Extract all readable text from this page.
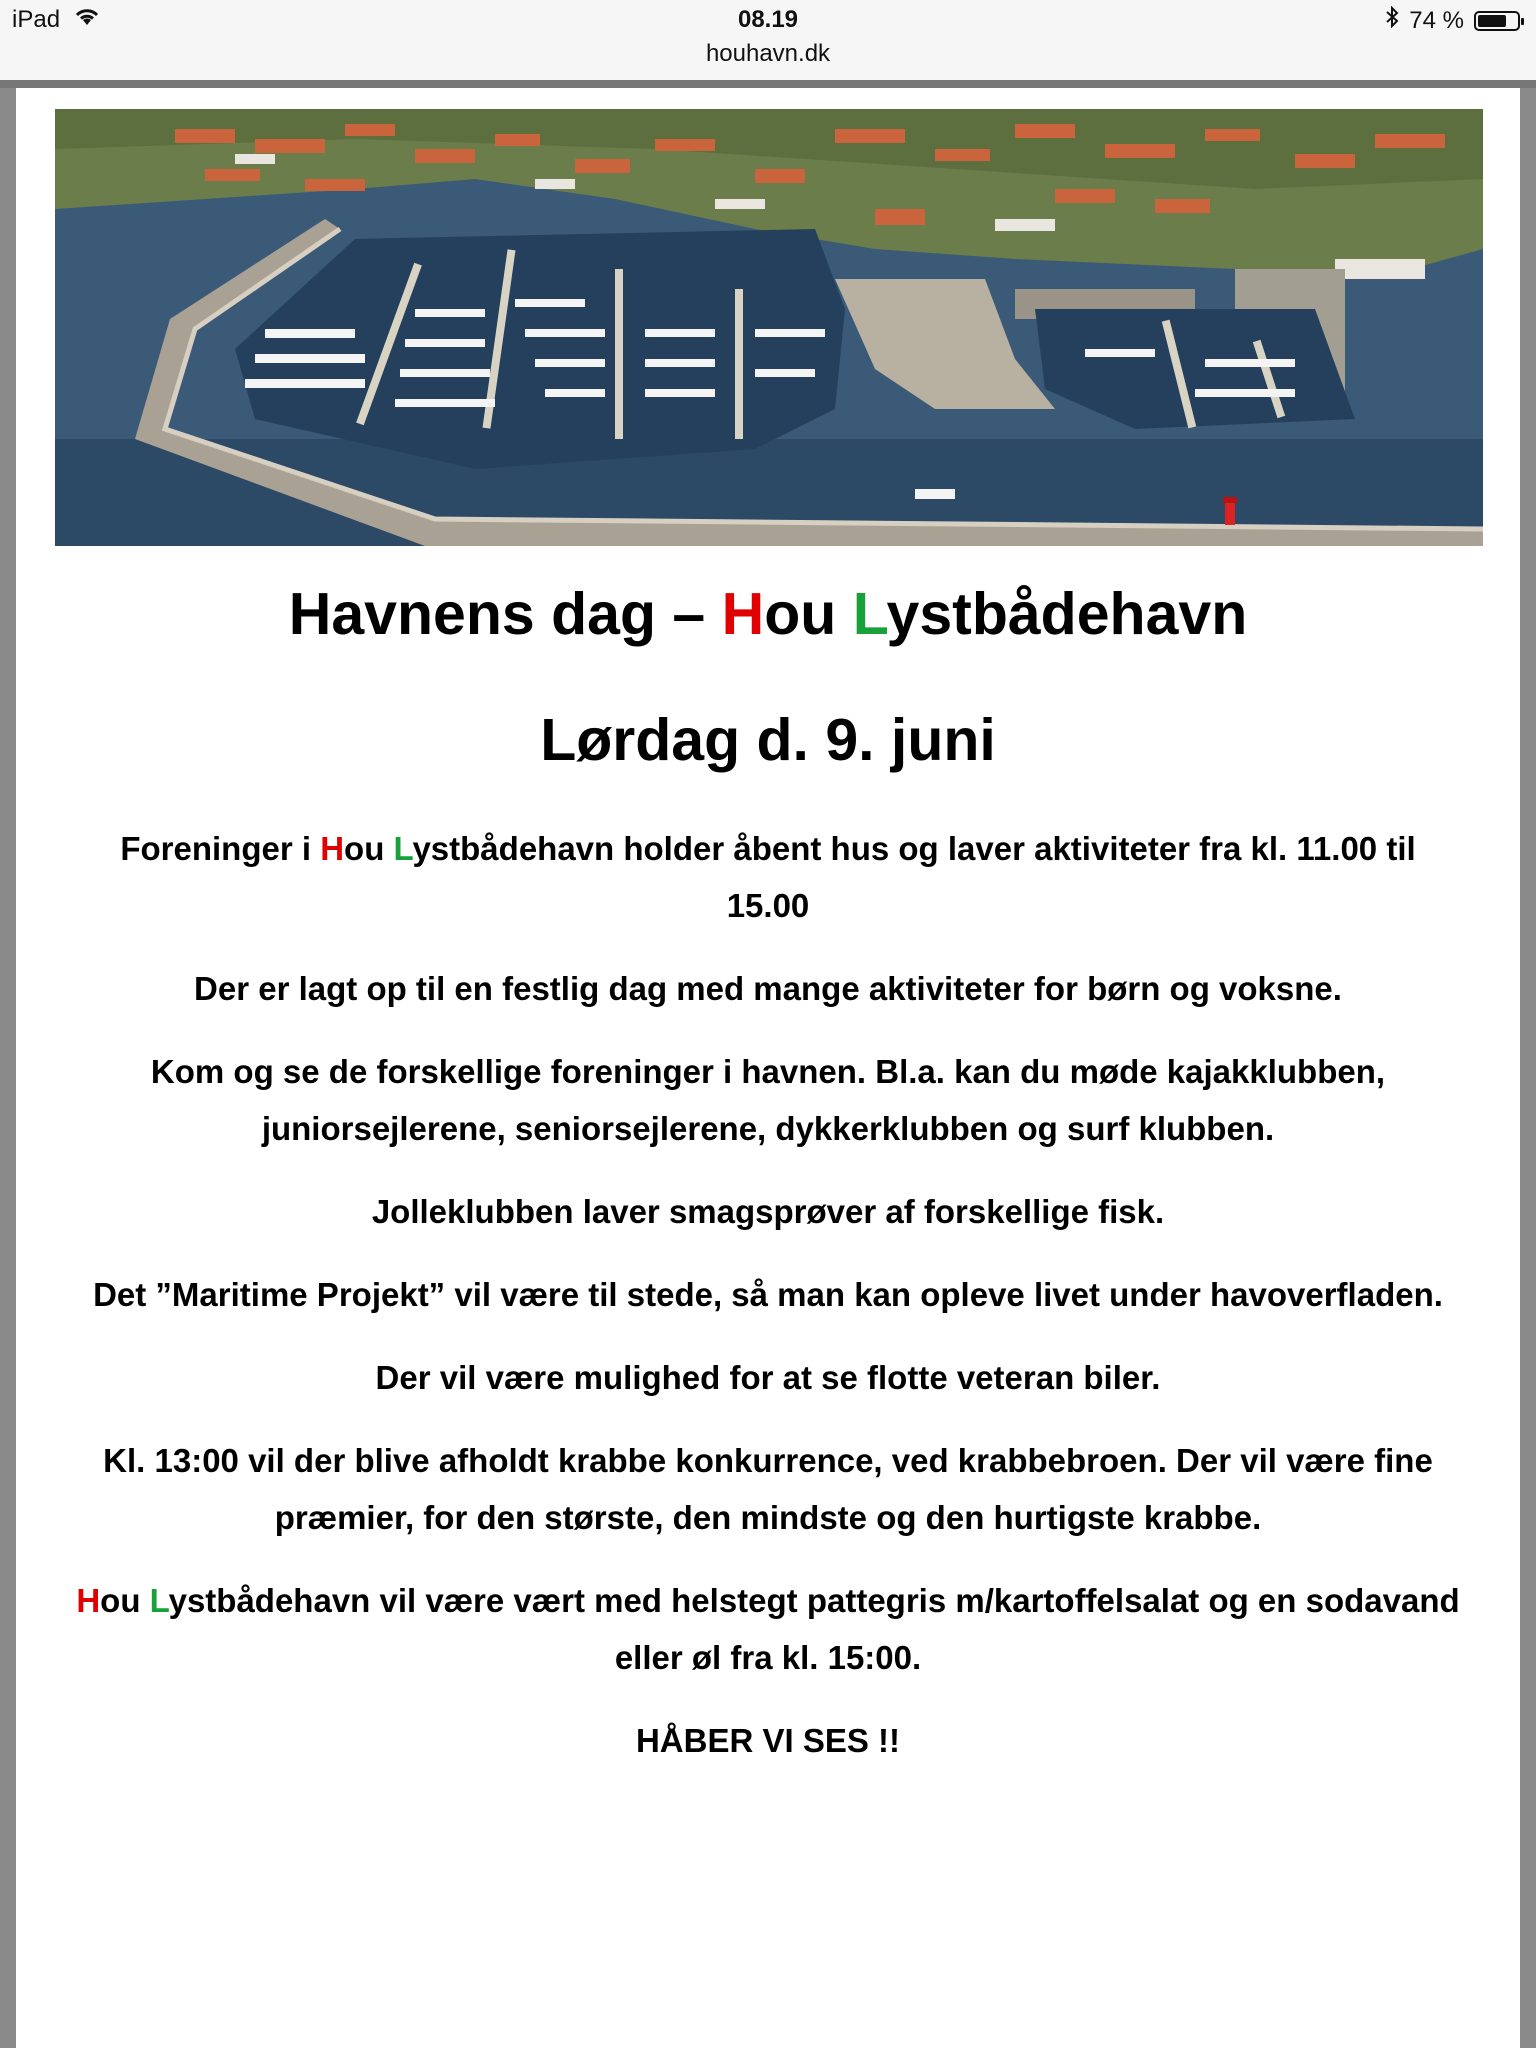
iPad	08.19
houhavn.dk
74 %
Havnens dag – Hou Lystbådehavn
Lørdag d. 9. juni

Foreninger i Hou Lystbådehavn holder åbent hus og laver aktiviteter fra kl. 11.00 til 15.00

Der er lagt op til en festlig dag med mange aktiviteter for børn og voksne.

Kom og se de forskellige foreninger i havnen. Bl.a. kan du møde kajakklubben, juniorsejlerene, seniorsejlerene, dykkerklubben og surf klubben.

Jolleklubben laver smagsprøver af forskellige fisk.

Det ”Maritime Projekt” vil være til stede, så man kan opleve livet under havoverfladen.

Der vil være mulighed for at se flotte veteran biler.

Kl. 13:00 vil der blive afholdt krabbe konkurrence, ved krabbebroen. Der vil være fine præmier, for den største, den mindste og den hurtigste krabbe.

Hou Lystbådehavn vil være vært med helstegt pattegris m/kartoffelsalat og en sodavand eller øl fra kl. 15:00.

HÅBER VI SES !!
